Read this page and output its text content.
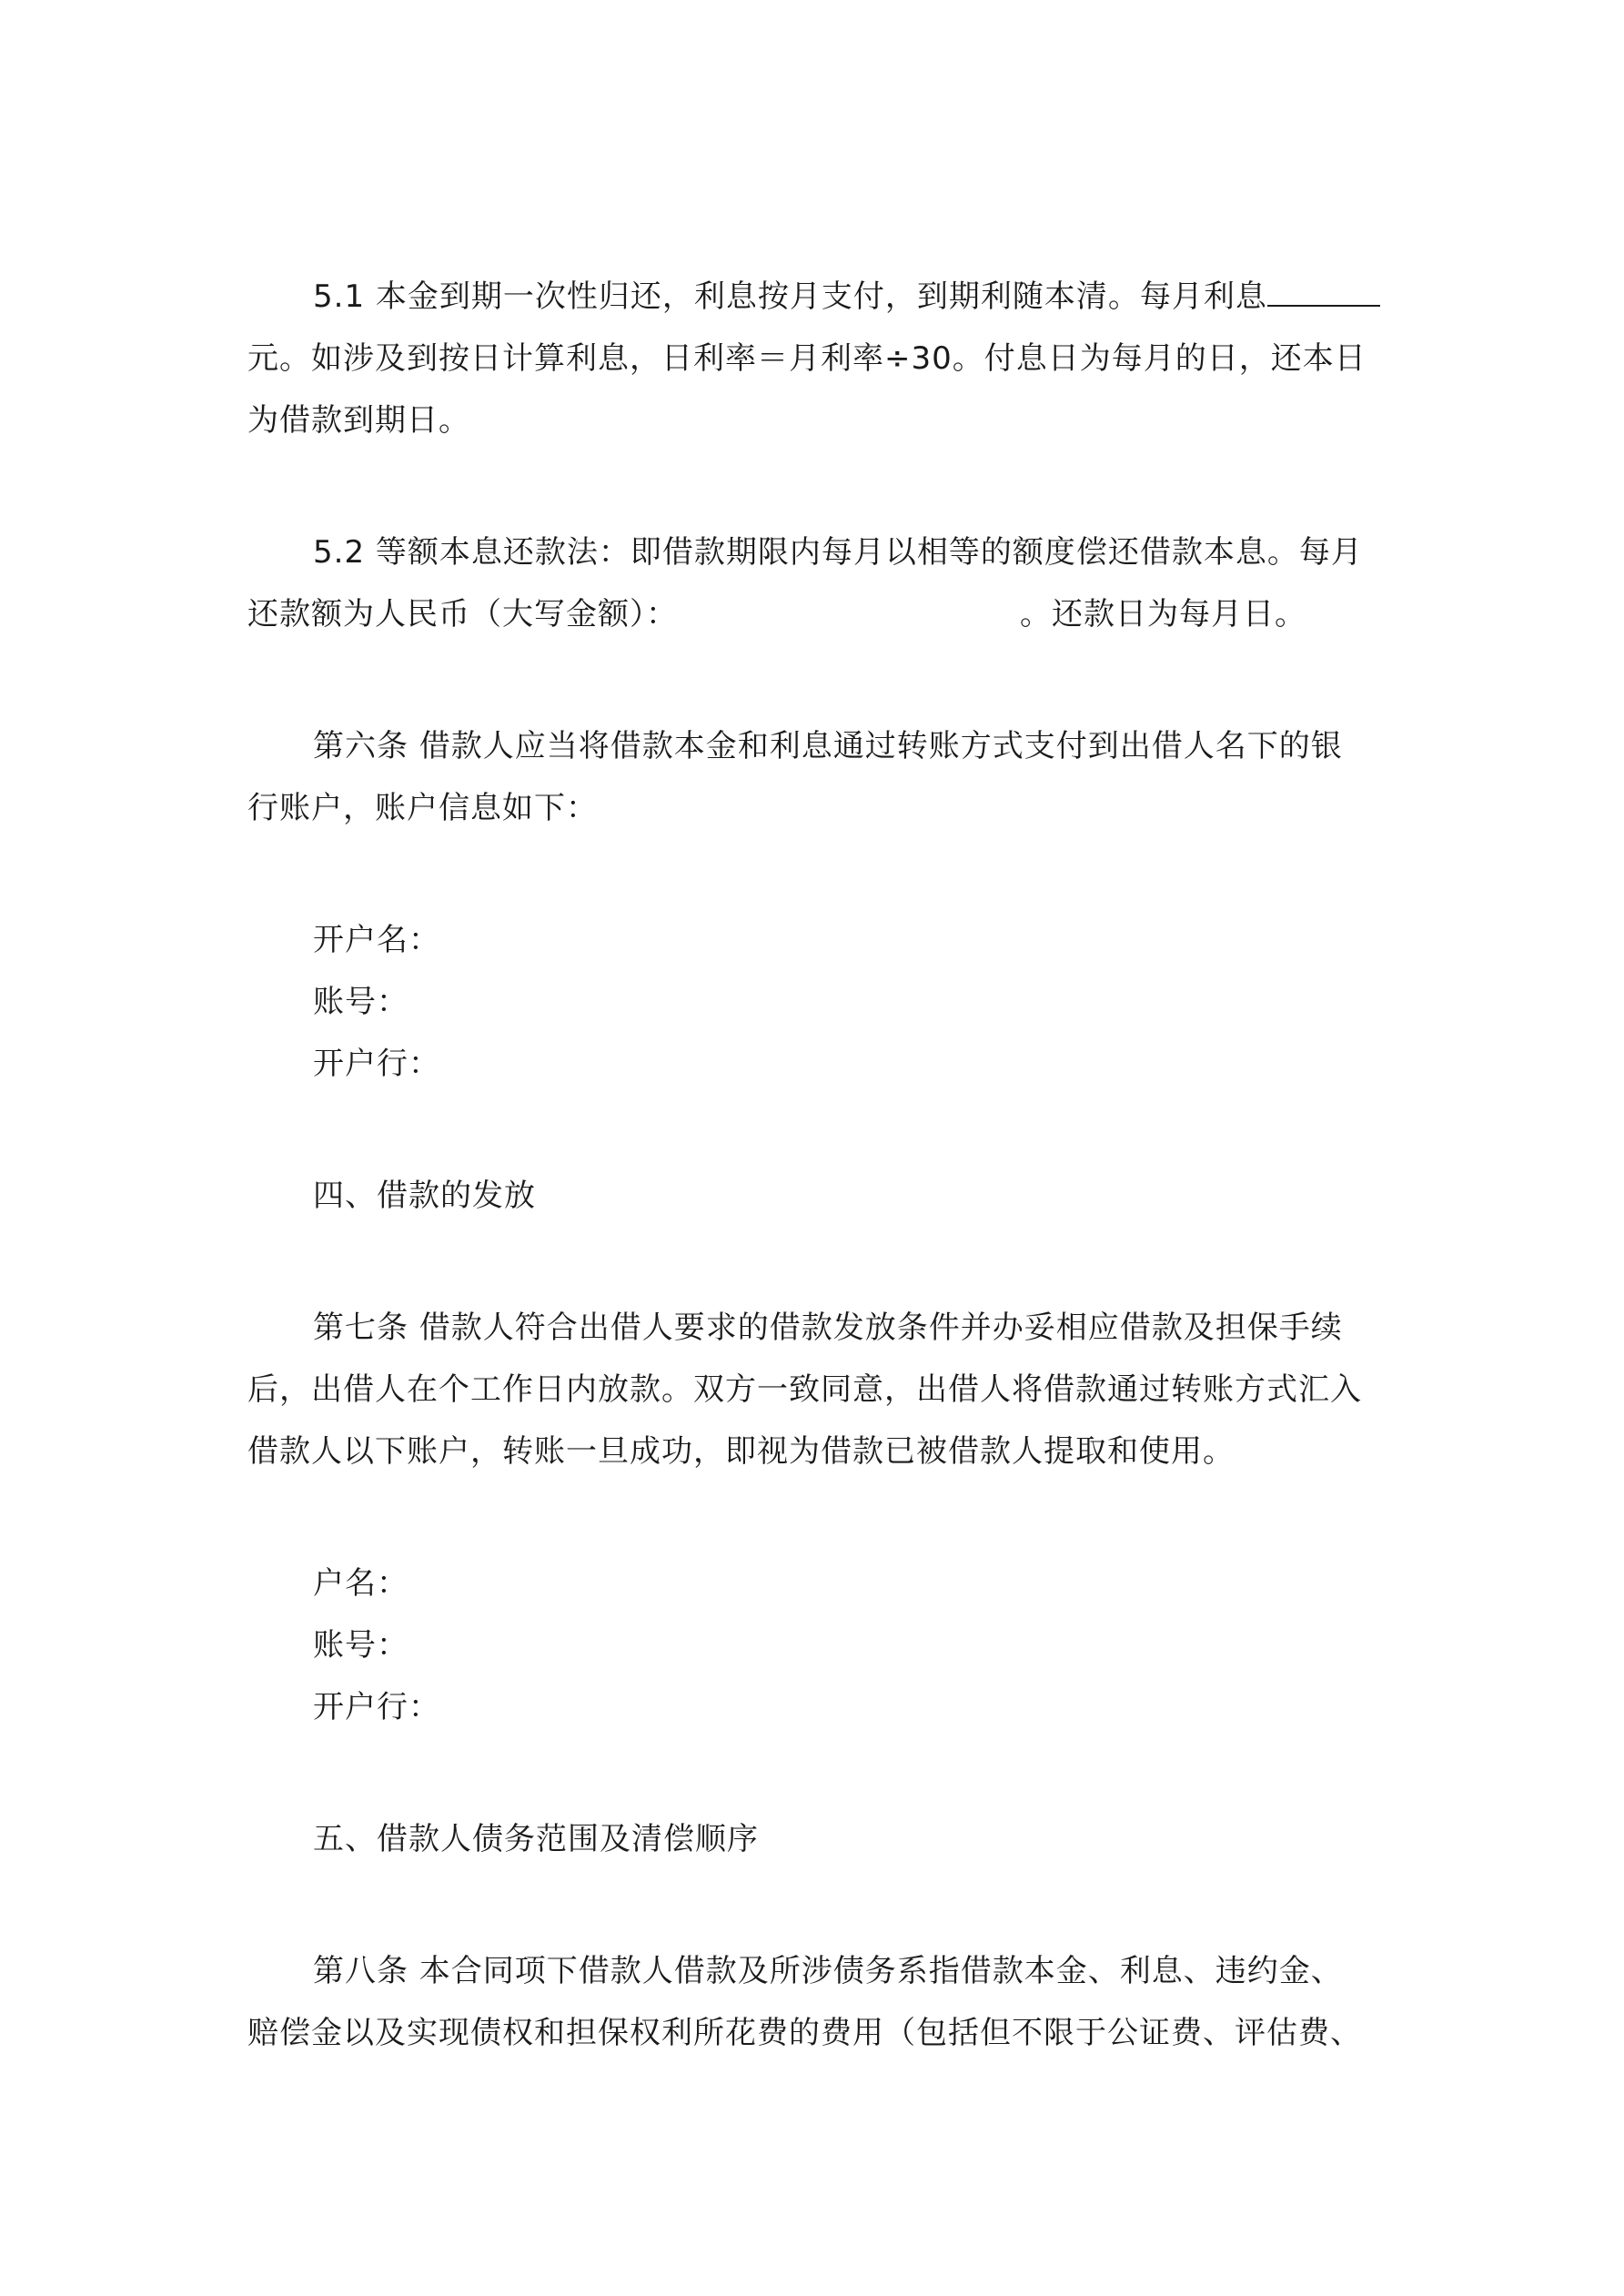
5.1 本金到期一次性归还，利息按月支付，到期利随本清。每月利息
元。如涉及到按日计算利息，日利率＝月利率÷30。付息日为每月的日，还本日
为借款到期日。
5.2 等额本息还款法：即借款期限内每月以相等的额度偿还借款本息。每月
还款额为人民币（大写金额）：	。还款日为每月日。
第六条 借款人应当将借款本金和利息通过转账方式支付到出借人名下的银
行账户，账户信息如下：
开户名：
账号：
开户行：
四、借款的发放
第七条 借款人符合出借人要求的借款发放条件并办妥相应借款及担保手续
后，出借人在个工作日内放款。双方一致同意，出借人将借款通过转账方式汇入
借款人以下账户，转账一旦成功，即视为借款已被借款人提取和使用。
户名：
账号：
开户行：
五、借款人债务范围及清偿顺序
第八条 本合同项下借款人借款及所涉债务系指借款本金、利息、违约金、
赔偿金以及实现债权和担保权利所花费的费用（包括但不限于公证费、评估费、
